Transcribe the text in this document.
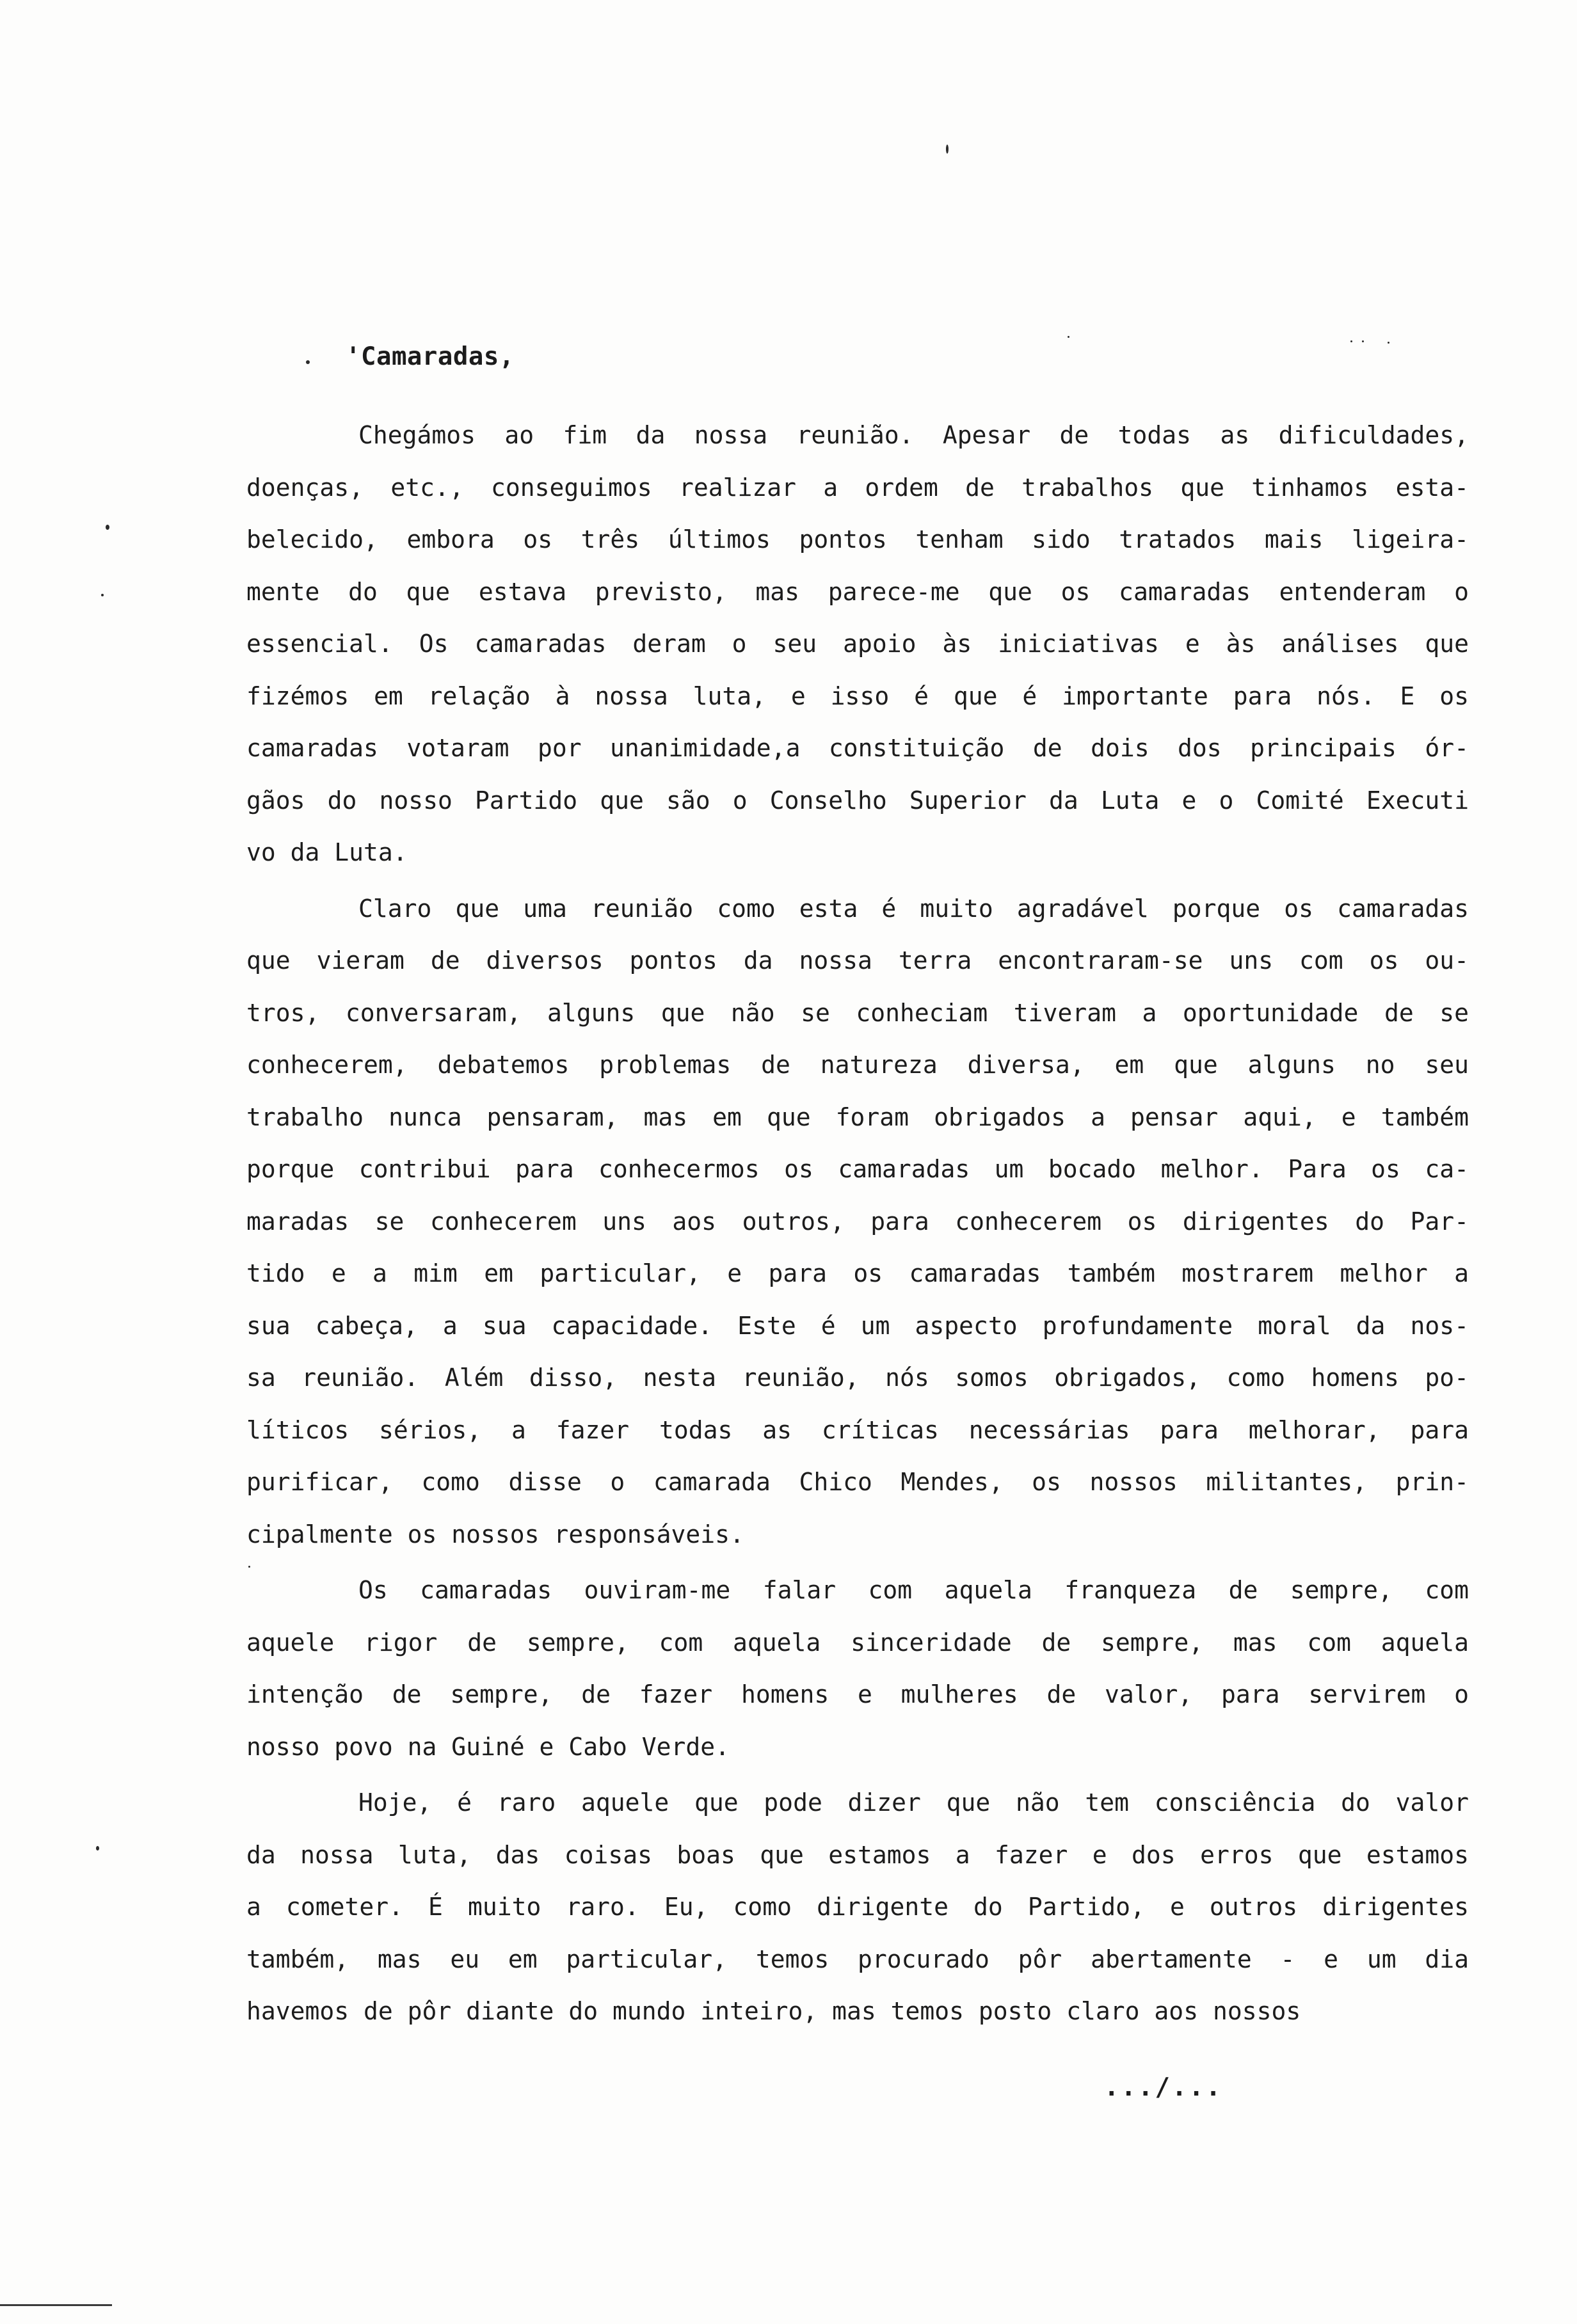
'Camaradas,
Chegámos ao fim da nossa reunião. Apesar de todas as dificuldades,
doenças, etc., conseguimos realizar a ordem de trabalhos que tinhamos esta-
belecido, embora os três últimos pontos tenham sido tratados mais ligeira-
mente do que estava previsto, mas parece-me que os camaradas entenderam o
essencial. Os camaradas deram o seu apoio às iniciativas e às análises que
fizémos em relação à nossa luta, e isso é que é importante para nós. E os
camaradas votaram por unanimidade,a constituição de dois dos principais ór-
gãos do nosso Partido que são o Conselho Superior da Luta e o Comité Executi
vo da Luta.
Claro que uma reunião como esta é muito agradável porque os camaradas
que vieram de diversos pontos da nossa terra encontraram-se uns com os ou-
tros, conversaram, alguns que não se conheciam tiveram a oportunidade de se
conhecerem, debatemos problemas de natureza diversa, em que alguns no seu
trabalho nunca pensaram, mas em que foram obrigados a pensar aqui, e também
porque contribui para conhecermos os camaradas um bocado melhor. Para os ca-
maradas se conhecerem uns aos outros, para conhecerem os dirigentes do Par-
tido e a mim em particular, e para os camaradas também mostrarem melhor a
sua cabeça, a sua capacidade. Este é um aspecto profundamente moral da nos-
sa reunião. Além disso, nesta reunião, nós somos obrigados, como homens po-
líticos sérios, a fazer todas as críticas necessárias para melhorar, para
purificar, como disse o camarada Chico Mendes, os nossos militantes, prin-
cipalmente os nossos responsáveis.
Os camaradas ouviram-me falar com aquela franqueza de sempre, com
aquele rigor de sempre, com aquela sinceridade de sempre, mas com aquela
intenção de sempre, de fazer homens e mulheres de valor, para servirem o
nosso povo na Guiné e Cabo Verde.
Hoje, é raro aquele que pode dizer que não tem consciência do valor
da nossa luta, das coisas boas que estamos a fazer e dos erros que estamos
a cometer. É muito raro. Eu, como dirigente do Partido, e outros dirigentes
também, mas eu em particular, temos procurado pôr abertamente - e um dia
havemos de pôr diante do mundo inteiro, mas temos posto claro aos nossos
.../...
